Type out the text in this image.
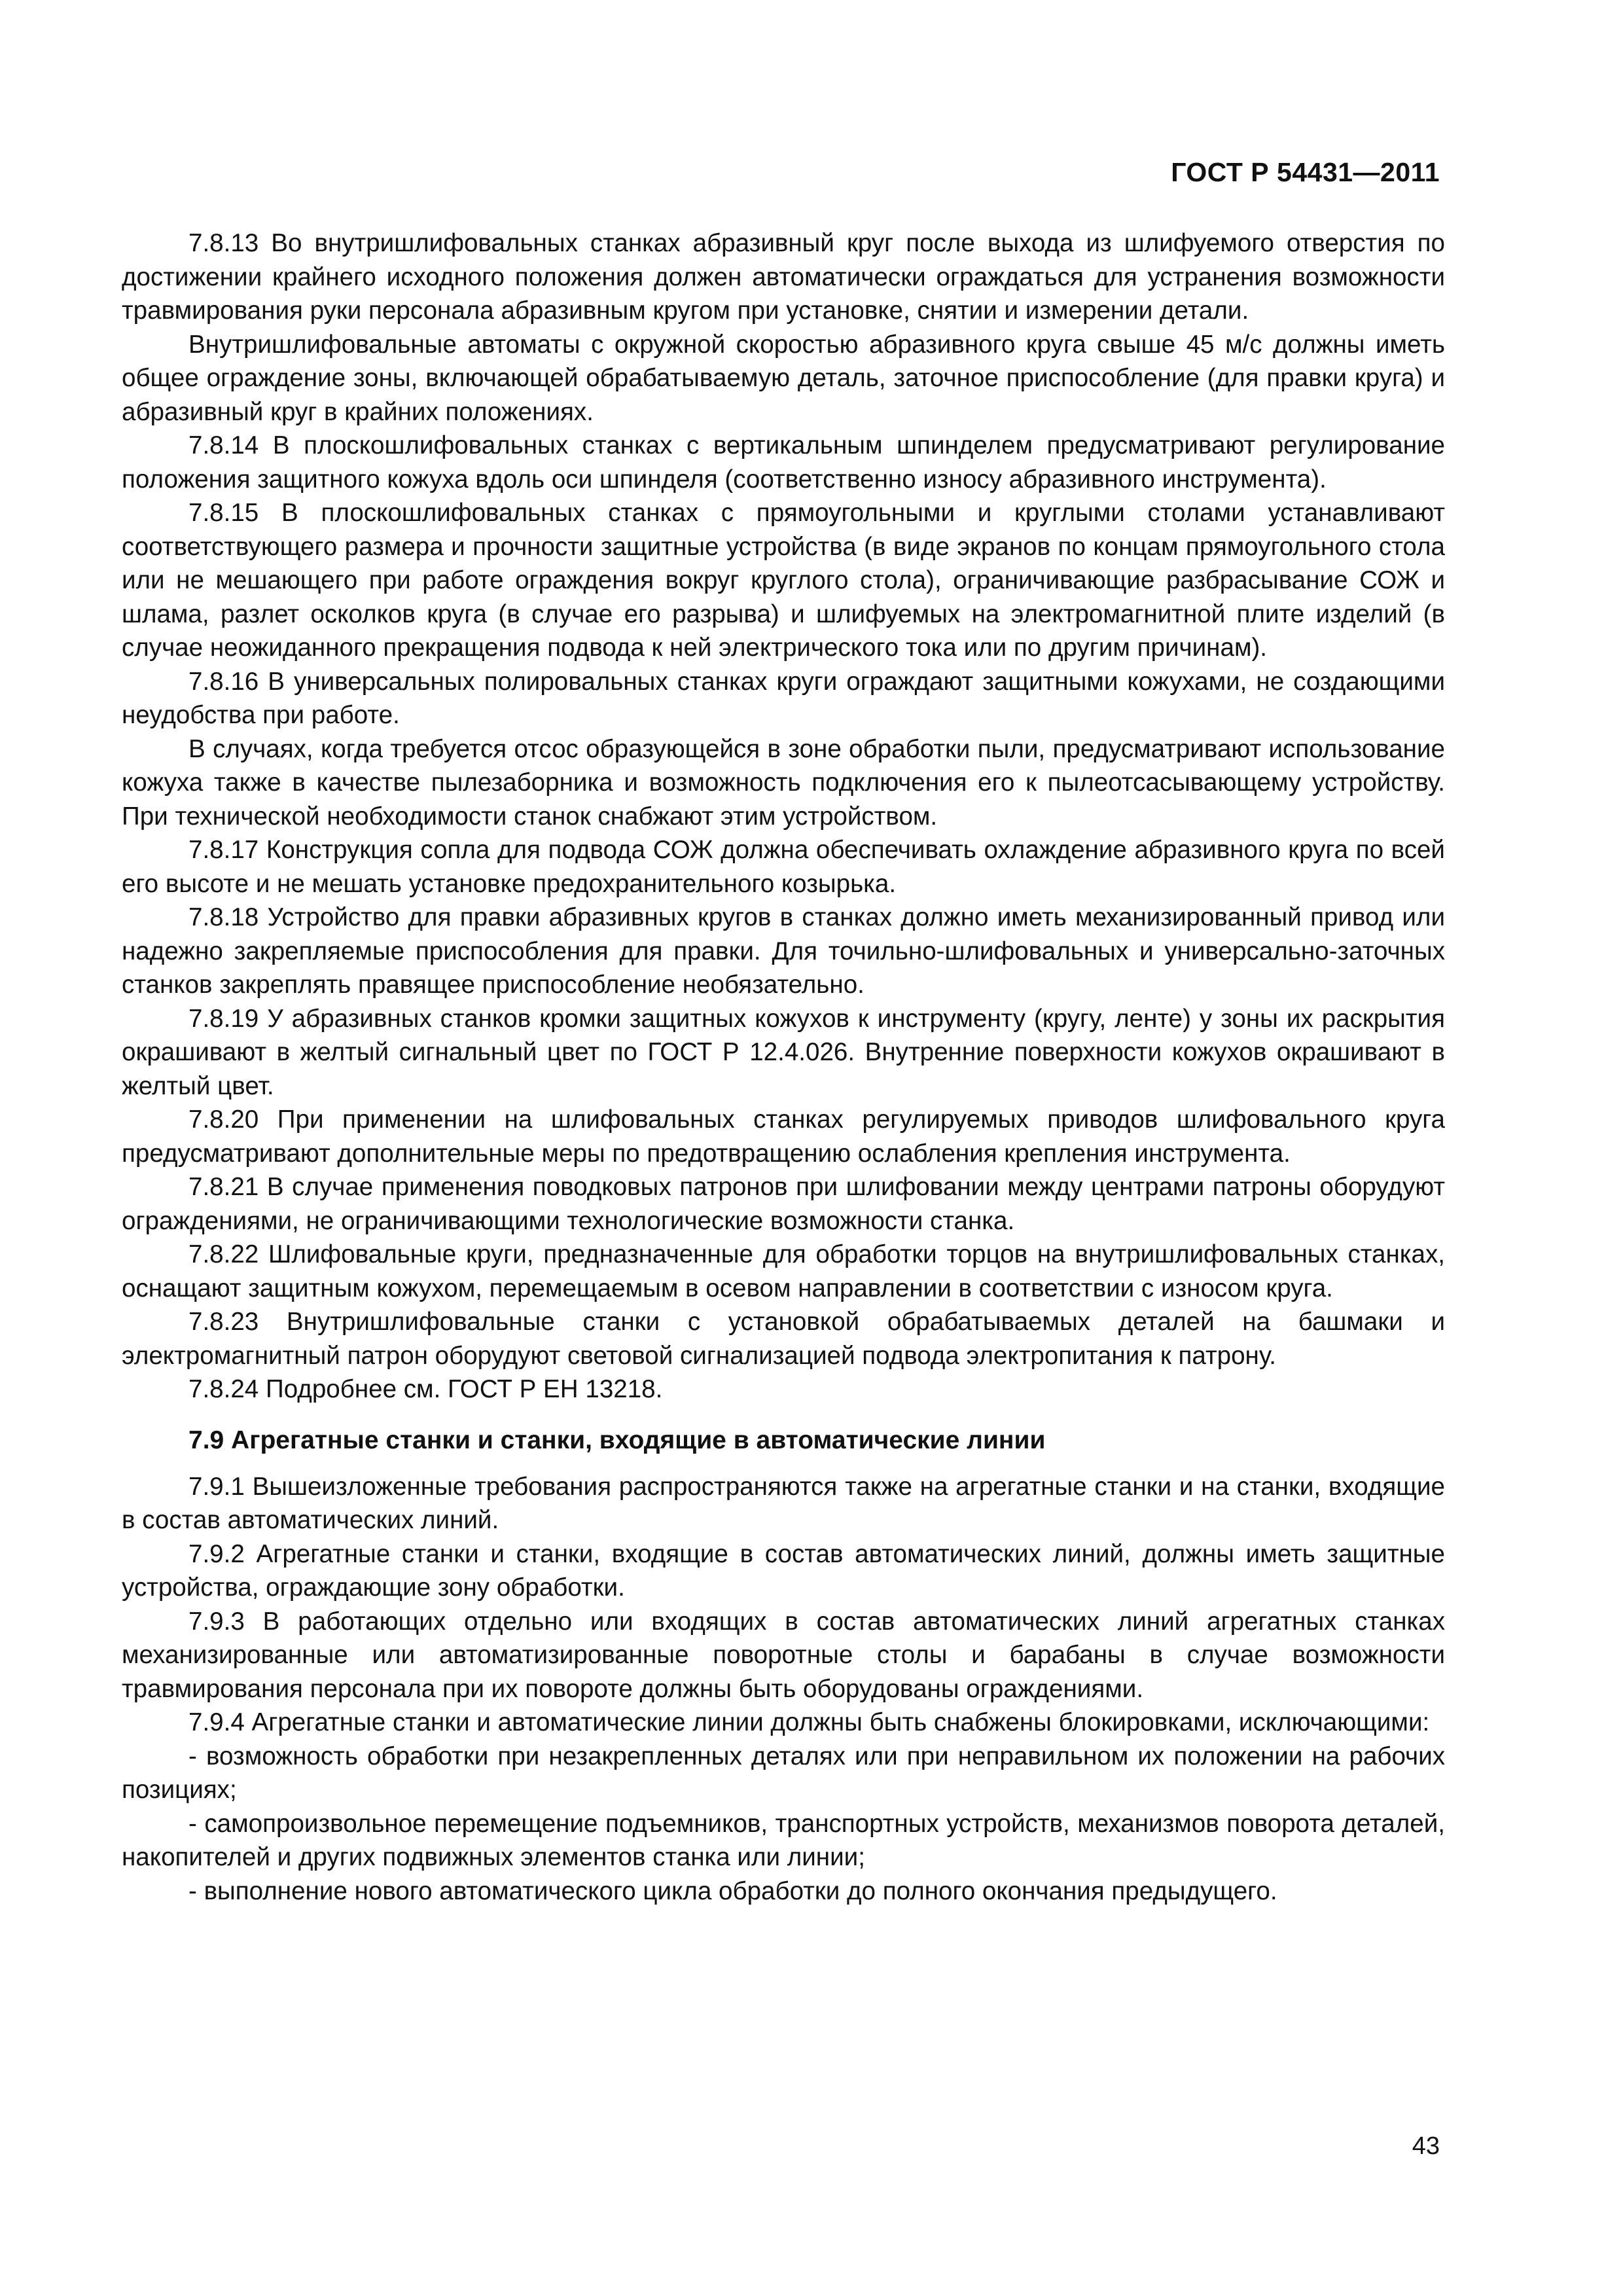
ГОСТ Р 54431—2011

7.8.13 Во внутришлифовальных станках абразивный круг после выхода из шлифуемого отверстия по достижении крайнего исходного положения должен автоматически ограждаться для устранения возможности травмирования руки персонала абразивным кругом при установке, снятии и измерении детали.

Внутришлифовальные автоматы с окружной скоростью абразивного круга свыше 45 м/с должны иметь общее ограждение зоны, включающей обрабатываемую деталь, заточное приспособление (для правки круга) и абразивный круг в крайних положениях.

7.8.14 В плоскошлифовальных станках с вертикальным шпинделем предусматривают регулирование положения защитного кожуха вдоль оси шпинделя (соответственно износу абразивного инструмента).

7.8.15 В плоскошлифовальных станках с прямоугольными и круглыми столами устанавливают соответствующего размера и прочности защитные устройства (в виде экранов по концам прямоугольного стола или не мешающего при работе ограждения вокруг круглого стола), ограничивающие разбрасывание СОЖ и шлама, разлет осколков круга (в случае его разрыва) и шлифуемых на электромагнитной плите изделий (в случае неожиданного прекращения подвода к ней электрического тока или по другим причинам).

7.8.16 В универсальных полировальных станках круги ограждают защитными кожухами, не создающими неудобства при работе.

В случаях, когда требуется отсос образующейся в зоне обработки пыли, предусматривают использование кожуха также в качестве пылезаборника и возможность подключения его к пылеотсасывающему устройству. При технической необходимости станок снабжают этим устройством.

7.8.17 Конструкция сопла для подвода СОЖ должна обеспечивать охлаждение абразивного круга по всей его высоте и не мешать установке предохранительного козырька.

7.8.18 Устройство для правки абразивных кругов в станках должно иметь механизированный привод или надежно закрепляемые приспособления для правки. Для точильно-шлифовальных и универсально-заточных станков закреплять правящее приспособление необязательно.

7.8.19 У абразивных станков кромки защитных кожухов к инструменту (кругу, ленте) у зоны их раскрытия окрашивают в желтый сигнальный цвет по ГОСТ Р 12.4.026. Внутренние поверхности кожухов окрашивают в желтый цвет.

7.8.20 При применении на шлифовальных станках регулируемых приводов шлифовального круга предусматривают дополнительные меры по предотвращению ослабления крепления инструмента.

7.8.21 В случае применения поводковых патронов при шлифовании между центрами патроны оборудуют ограждениями, не ограничивающими технологические возможности станка.

7.8.22 Шлифовальные круги, предназначенные для обработки торцов на внутришлифовальных станках, оснащают защитным кожухом, перемещаемым в осевом направлении в соответствии с износом круга.

7.8.23 Внутришлифовальные станки с установкой обрабатываемых деталей на башмаки и электромагнитный патрон оборудуют световой сигнализацией подвода электропитания к патрону.

7.8.24 Подробнее см. ГОСТ Р ЕН 13218.

7.9 Агрегатные станки и станки, входящие в автоматические линии

7.9.1 Вышеизложенные требования распространяются также на агрегатные станки и на станки, входящие в состав автоматических линий.

7.9.2 Агрегатные станки и станки, входящие в состав автоматических линий, должны иметь защитные устройства, ограждающие зону обработки.

7.9.3 В работающих отдельно или входящих в состав автоматических линий агрегатных станках механизированные или автоматизированные поворотные столы и барабаны в случае возможности травмирования персонала при их повороте должны быть оборудованы ограждениями.

7.9.4 Агрегатные станки и автоматические линии должны быть снабжены блокировками, исключающими:

- возможность обработки при незакрепленных деталях или при неправильном их положении на рабочих позициях;

- самопроизвольное перемещение подъемников, транспортных устройств, механизмов поворота деталей, накопителей и других подвижных элементов станка или линии;

- выполнение нового автоматического цикла обработки до полного окончания предыдущего.

43
